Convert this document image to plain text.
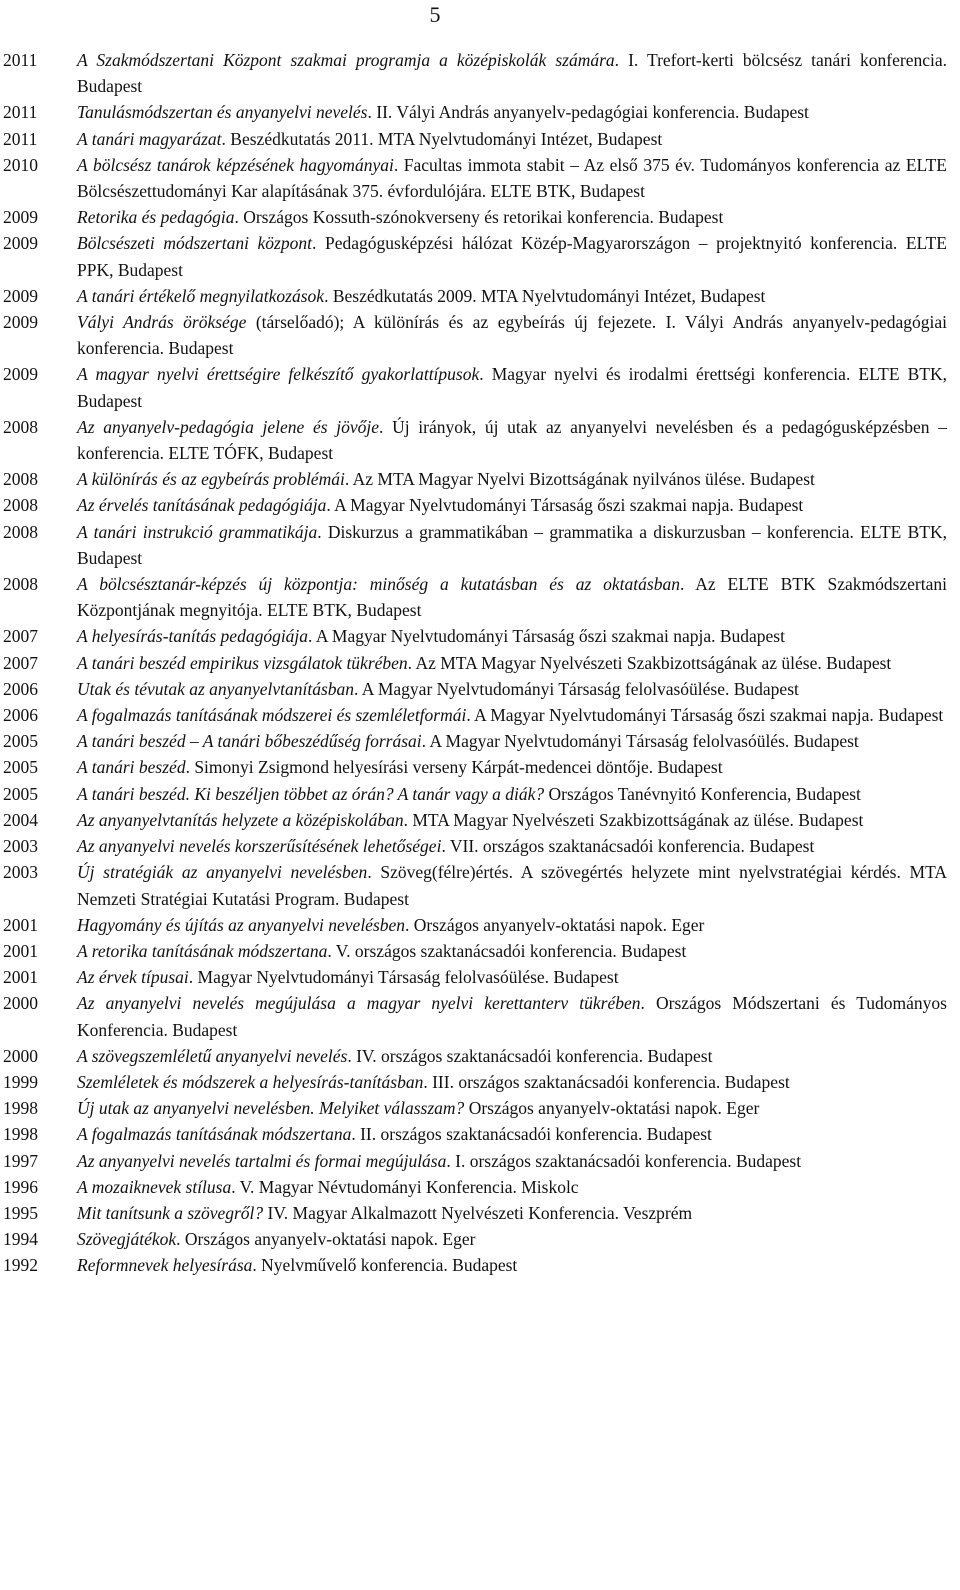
5
2011	A Szakmódszertani Központ szakmai programja a középiskolák számára. I. Trefort-kerti bölcsész tanári konferencia. Budapest
2011	Tanulásmódszertan és anyanyelvi nevelés. II. Vályi András anyanyelv-pedagógiai konferencia. Budapest
2011	A tanári magyarázat. Beszédkutatás 2011. MTA Nyelvtudományi Intézet, Budapest
2010	A bölcsész tanárok képzésének hagyományai. Facultas immota stabit – Az első 375 év. Tudományos konferencia az ELTE Bölcsészettudományi Kar alapításának 375. évfordulójára. ELTE BTK, Budapest
2009	Retorika és pedagógia. Országos Kossuth-szónokverseny és retorikai konferencia. Budapest
2009	Bölcsészeti módszertani központ. Pedagógusképzési hálózat Közép-Magyarországon – projektnyitó konferencia. ELTE PPK, Budapest
2009	A tanári értékelő megnyilatkozások. Beszédkutatás 2009. MTA Nyelvtudományi Intézet, Budapest
2009	Vályi András öröksége (társelőadó); A különírás és az egybeírás új fejezete. I. Vályi András anyanyelv-pedagógiai konferencia. Budapest
2009	A magyar nyelvi érettségire felkészítő gyakorlattípusok. Magyar nyelvi és irodalmi érettségi konferencia. ELTE BTK, Budapest
2008	Az anyanyelv-pedagógia jelene és jövője. Új irányok, új utak az anyanyelvi nevelésben és a pedagógusképzésben – konferencia. ELTE TÓFK, Budapest
2008	A különírás és az egybeírás problémái. Az MTA Magyar Nyelvi Bizottságának nyilvános ülése. Budapest
2008	Az érvelés tanításának pedagógiája. A Magyar Nyelvtudományi Társaság őszi szakmai napja. Budapest
2008	A tanári instrukció grammatikája. Diskurzus a grammatikában – grammatika a diskurzusban – konferencia. ELTE BTK, Budapest
2008	A bölcsésztanár-képzés új központja: minőség a kutatásban és az oktatásban. Az ELTE BTK Szakmódszertani Központjának megnyitója. ELTE BTK, Budapest
2007	A helyesírás-tanítás pedagógiája. A Magyar Nyelvtudományi Társaság őszi szakmai napja. Budapest
2007	A tanári beszéd empirikus vizsgálatok tükrében. Az MTA Magyar Nyelvészeti Szakbizottságának az ülése. Budapest
2006	Utak és tévutak az anyanyelvtanításban. A Magyar Nyelvtudományi Társaság felolvasóülése. Budapest
2006	A fogalmazás tanításának módszerei és szemléletformái. A Magyar Nyelvtudományi Társaság őszi szakmai napja. Budapest
2005	A tanári beszéd – A tanári bőbeszédűség forrásai. A Magyar Nyelvtudományi Társaság felolvasóülés. Budapest
2005	A tanári beszéd. Simonyi Zsigmond helyesírási verseny Kárpát-medencei döntője. Budapest
2005	A tanári beszéd. Ki beszéljen többet az órán? A tanár vagy a diák? Országos Tanévnyitó Konferencia, Budapest
2004	Az anyanyelvtanítás helyzete a középiskolában. MTA Magyar Nyelvészeti Szakbizottságának az ülése. Budapest
2003	Az anyanyelvi nevelés korszerűsítésének lehetőségei. VII. országos szaktanácsadói konferencia. Budapest
2003	Új stratégiák az anyanyelvi nevelésben. Szöveg(félre)értés. A szövegértés helyzete mint nyelvstratégiai kérdés. MTA Nemzeti Stratégiai Kutatási Program. Budapest
2001	Hagyomány és újítás az anyanyelvi nevelésben. Országos anyanyelv-oktatási napok. Eger
2001	A retorika tanításának módszertana. V. országos szaktanácsadói konferencia. Budapest
2001	Az érvek típusai. Magyar Nyelvtudományi Társaság felolvasóülése. Budapest
2000	Az anyanyelvi nevelés megújulása a magyar nyelvi kerettanterv tükrében. Országos Módszertani és Tudományos Konferencia. Budapest
2000	A szövegszemléletű anyanyelvi nevelés. IV. országos szaktanácsadói konferencia. Budapest
1999	Szemléletek és módszerek a helyesírás-tanításban. III. országos szaktanácsadói konferencia. Budapest
1998	Új utak az anyanyelvi nevelésben. Melyiket válasszam? Országos anyanyelv-oktatási napok. Eger
1998	A fogalmazás tanításának módszertana. II. országos szaktanácsadói konferencia. Budapest
1997	Az anyanyelvi nevelés tartalmi és formai megújulása. I. országos szaktanácsadói konferencia. Budapest
1996	A mozaiknevek stílusa. V. Magyar Névtudományi Konferencia. Miskolc
1995	Mit tanítsunk a szövegről? IV. Magyar Alkalmazott Nyelvészeti Konferencia. Veszprém
1994	Szövegjátékok. Országos anyanyelv-oktatási napok. Eger
1992	Reformnevek helyesírása. Nyelvművelő konferencia. Budapest
